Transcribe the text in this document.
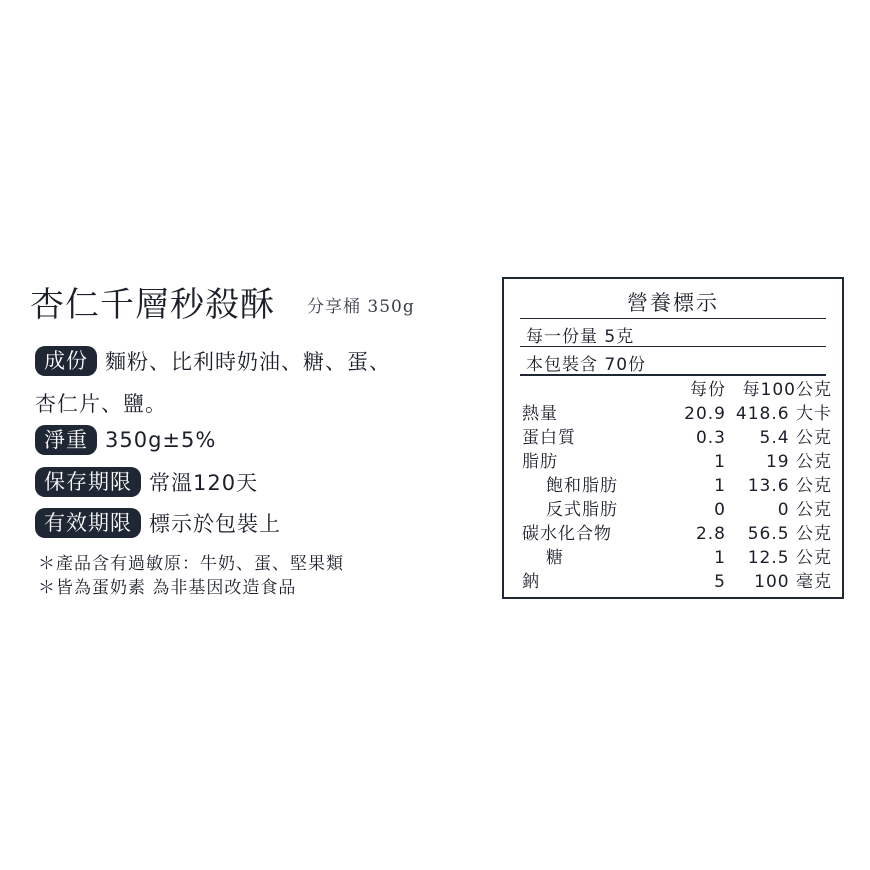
杏仁千層秒殺酥 分享桶 350g
成份 麵粉、比利時奶油、糖、蛋、
杏仁片、鹽。
淨重 350g±5%
保存期限 常溫120天
有效期限 標示於包裝上
＊產品含有過敏原：牛奶、蛋、堅果類
＊皆為蛋奶素 為非基因改造食品
營養標示
每一份量 5克
本包裝含 70份
	每份	每100公克
熱量	20.9	418.6 大卡
蛋白質	0.3	5.4 公克
脂肪	1	19 公克
飽和脂肪	1	13.6 公克
反式脂肪	0	0 公克
碳水化合物	2.8	56.5 公克
糖	1	12.5 公克
鈉	5	100 毫克
